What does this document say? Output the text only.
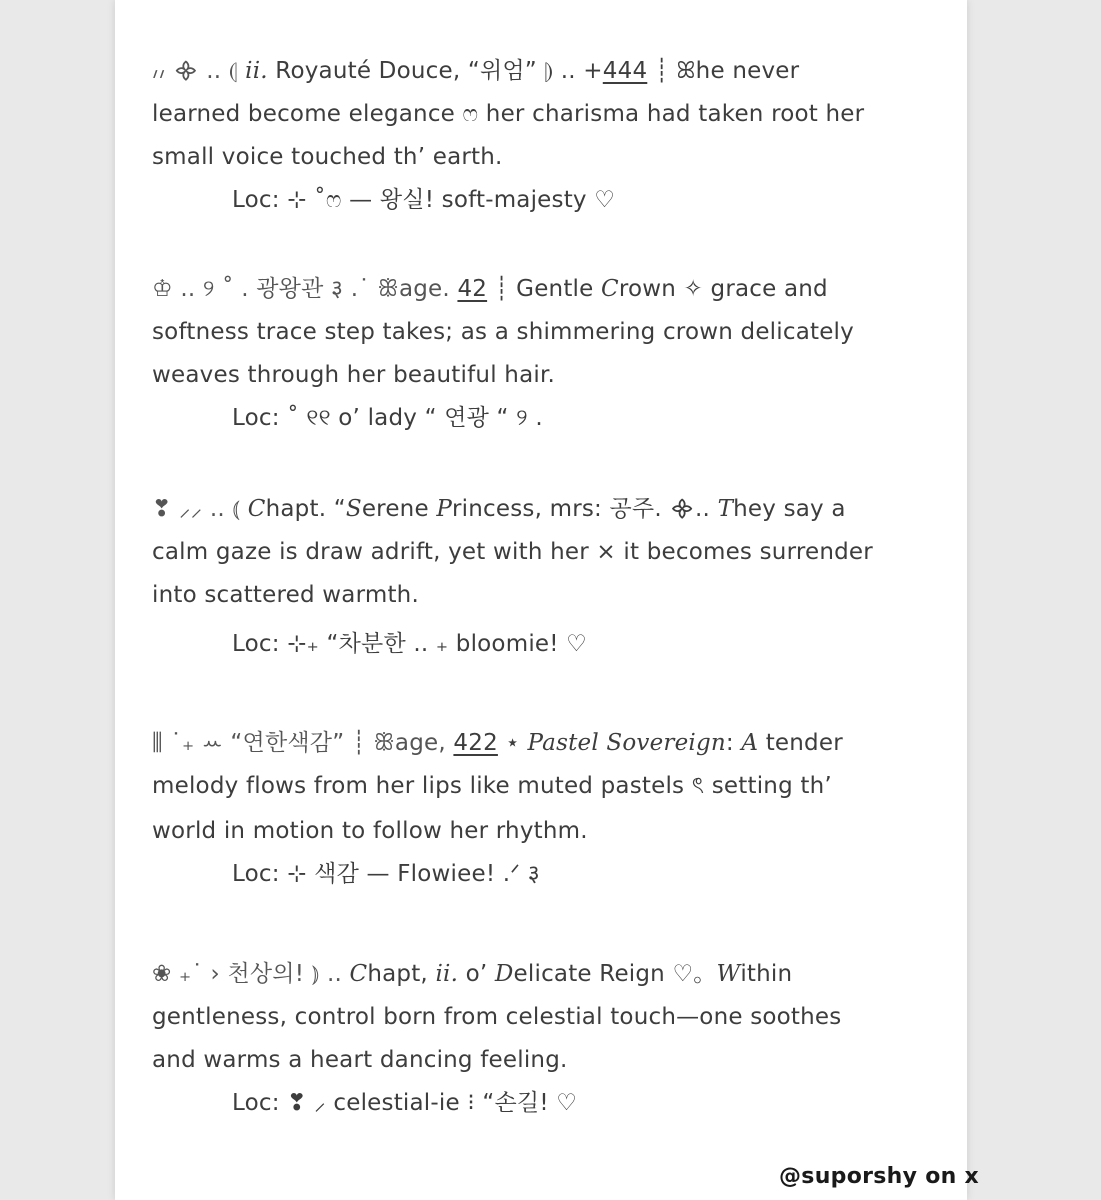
៸៸ ᯽ .. ⦇ ii. Royauté Douce, “위엄” ⦈ .. +444 ┊ ꕤhe never
learned become elegance ෆ her charisma had taken root her
small voice touched th’ earth.
Loc: ⊹ ˚ෆ — 왕실! soft-majesty ♡
♔ .. ୨ ˚ . 광왕관 ३ .˙ ꕥage. 42 ┊ Gentle Crown ✧ grace and
softness trace step takes; as a shimmering crown delicately
weaves through her beautiful hair.
Loc: ˚ ୧୧ o’ lady “ 연광 “ ୨ .
❣ ⸝⸝ .. ⦅ Chapt. “Serene Princess, mrs: 공주. ᯽.. They say a
calm gaze is draw adrift, yet with her ⨯ it becomes surrender
into scattered warmth.
Loc: ⊹₊ “차분한 .. ₊ bloomie! ♡
⫼ ˙₊ ꕀ “연한색감” ┊ ꕥage, 422 ⋆ Pastel Sovereign: A tender
melody flows from her lips like muted pastels ৎ setting th’
world in motion to follow her rhythm.
Loc: ⊹ 색감 — Flowiee! .ᐟ ३
❀ ₊˙ › 천상의! ⦆ .. Chapt, ii. o’ Delicate Reign ♡。Within
gentleness, control born from celestial touch—one soothes
and warms a heart dancing feeling.
Loc: ❣ ⸝ celestial-ie ⁝ “손길! ♡
@suporshy on x
